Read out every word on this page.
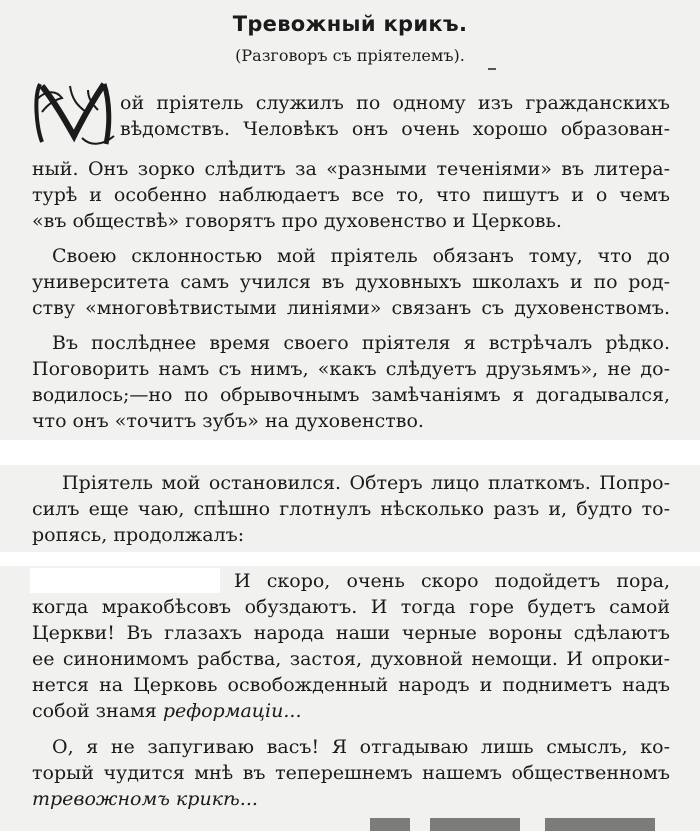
Тревожный крикъ.
(Разговоръ съ прiятелемъ).
ой прiятель служилъ по одному изъ гражданскихъ
вѣдомствъ. Человѣкъ онъ очень хорошо образован-
ный. Онъ зорко слѣдитъ за «разными теченiями» въ литера-
турѣ и особенно наблюдаетъ все то, что пишутъ и о чемъ
«въ обществѣ» говорятъ про духовенство и Церковь.
Своею склонностью мой прiятель обязанъ тому, что до
университета самъ учился въ духовныхъ школахъ и по род-
ству «многовѣтвистыми линiями» связанъ съ духовенствомъ.
Въ послѣднее время своего прiятеля я встрѣчалъ рѣдко.
Поговорить намъ съ нимъ, «какъ слѣдуетъ друзьямъ», не до-
водилось;—но по обрывочнымъ замѣчанiямъ я догадывался,
что онъ «точитъ зубъ» на духовенство.
Прiятель мой остановился. Обтеръ лицо платкомъ. Попро-
силъ еще чаю, спѣшно глотнулъ нѣсколько разъ и, будто то-
ропясь, продолжалъ:
И скоро, очень скоро подойдетъ пора,
когда мракобѣсовъ обуздаютъ. И тогда горе будетъ самой
Церкви! Въ глазахъ народа наши черные вороны сдѣлаютъ
ее синонимомъ рабства, застоя, духовной немощи. И опроки-
нется на Церковь освобожденный народъ и подниметъ надъ
собой знамя реформацiи...
О, я не запугиваю васъ! Я отгадываю лишь смыслъ, ко-
торый чудится мнѣ въ теперешнемъ нашемъ общественномъ
тревожномъ крикѣ...
